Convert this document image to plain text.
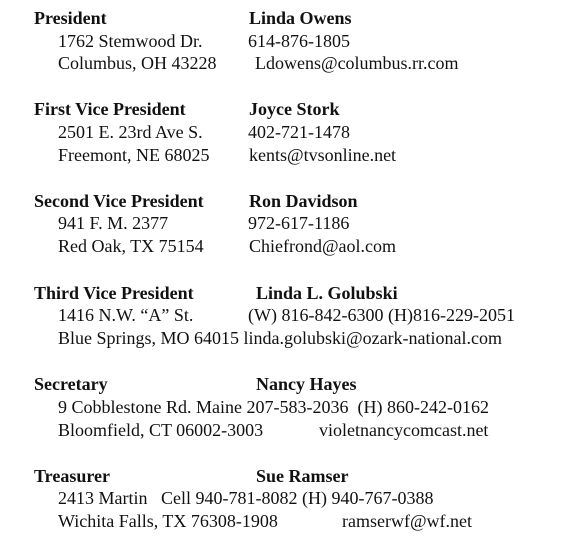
President	Linda Owens
1762 Stemwood Dr.	614-876-1805
Columbus, OH 43228 Ldowens@columbus.rr.com
First Vice President	Joyce Stork
2501 E. 23rd Ave S.	402-721-1478
Freemont, NE 68025 kents@tvsonline.net
Second Vice President	Ron Davidson
941 F. M. 2377	972-617-1186
Red Oak, TX 75154	Chiefrond@aol.com
Third Vice President	Linda L. Golubski
1416 N.W. “A” St.	(W) 816-842-6300 (H)816-229-2051
Blue Springs, MO 64015 linda.golubski@ozark-national.com
Secretary	Nancy Hayes
9 Cobblestone Rd. Maine 207-583-2036  (H) 860-242-0162
Bloomfield, CT 06002-3003	violetnancycomcast.net
Treasurer	Sue Ramser
2413 Martin   Cell 940-781-8082 (H) 940-767-0388
Wichita Falls, TX 76308-1908	ramserwf@wf.net
